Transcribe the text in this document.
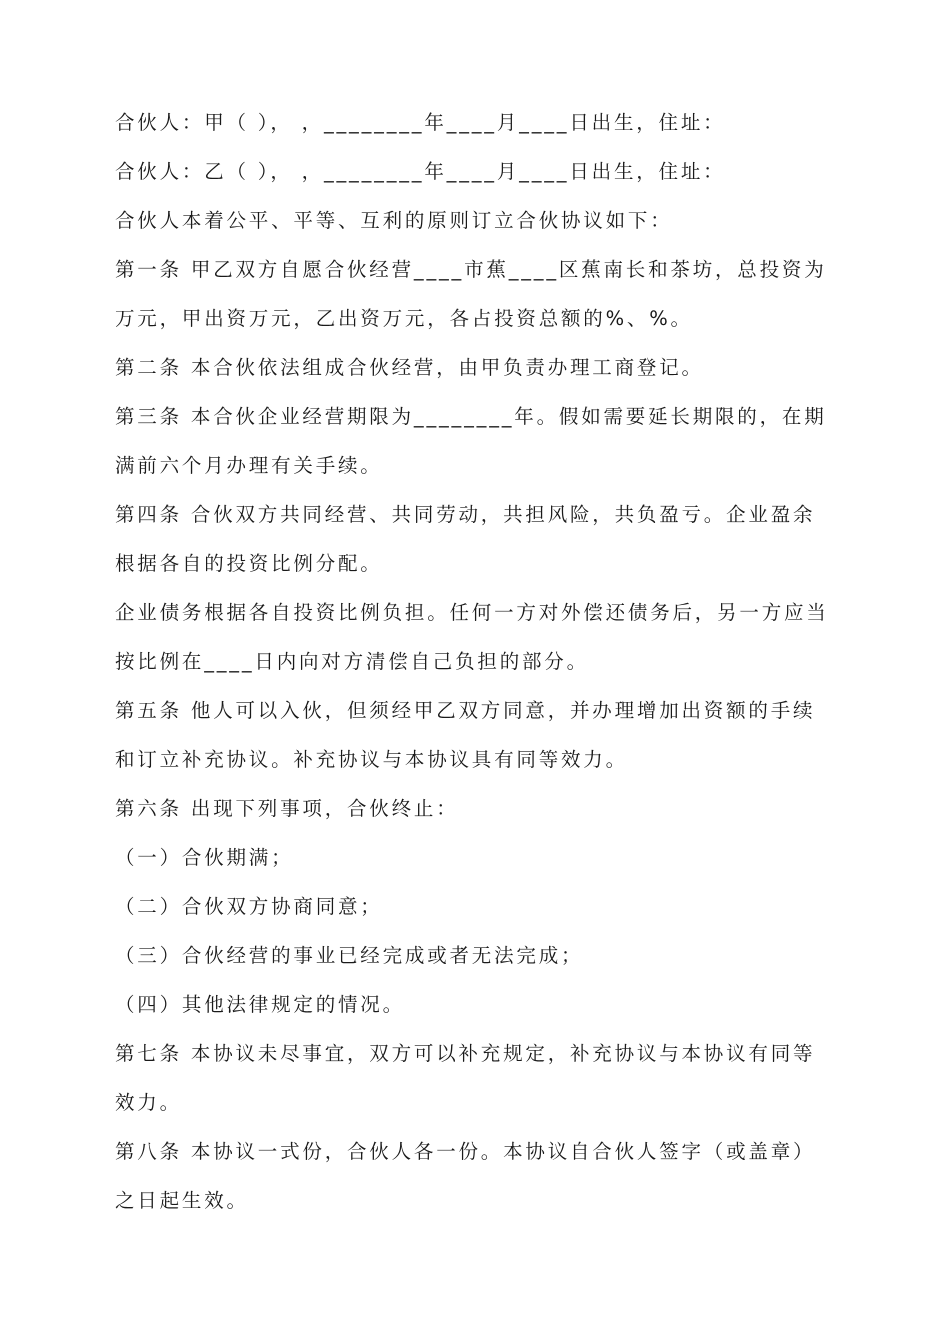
合伙人：甲（ ）， ，________年____月____日出生，住址：
合伙人：乙（ ）， ，________年____月____日出生，住址：
合伙人本着公平、平等、互利的原则订立合伙协议如下：
第一条 甲乙双方自愿合伙经营____市蕉____区蕉南长和茶坊，总投资为
万元，甲出资万元，乙出资万元，各占投资总额的%、%。
第二条 本合伙依法组成合伙经营，由甲负责办理工商登记。
第三条 本合伙企业经营期限为________年。假如需要延长期限的，在期
满前六个月办理有关手续。
第四条 合伙双方共同经营、共同劳动，共担风险，共负盈亏。企业盈余
根据各自的投资比例分配。
企业债务根据各自投资比例负担。任何一方对外偿还债务后，另一方应当
按比例在____日内向对方清偿自己负担的部分。
第五条 他人可以入伙，但须经甲乙双方同意，并办理增加出资额的手续
和订立补充协议。补充协议与本协议具有同等效力。
第六条 出现下列事项，合伙终止：
（一）合伙期满；
（二）合伙双方协商同意；
（三）合伙经营的事业已经完成或者无法完成；
（四）其他法律规定的情况。
第七条 本协议未尽事宜，双方可以补充规定，补充协议与本协议有同等
效力。
第八条 本协议一式份，合伙人各一份。本协议自合伙人签字（或盖章）
之日起生效。
